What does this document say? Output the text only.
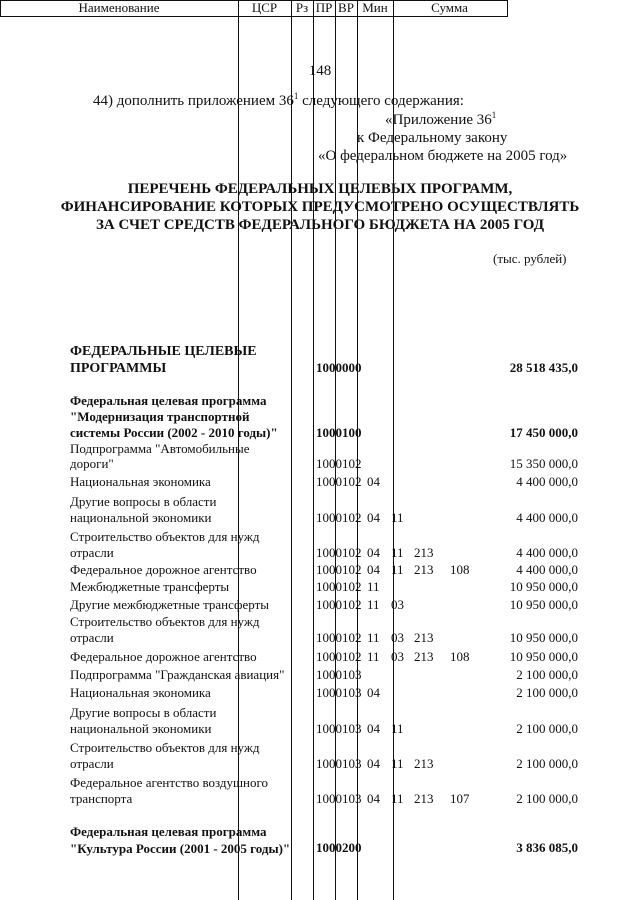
148
44) дополнить приложением $36^1$ следующего содержания:
«Приложение $36^1$
к Федеральному закону
«О федеральном бюджете на 2005 год»
ПЕРЕЧЕНЬ ФЕДЕРАЛЬНЫХ ЦЕЛЕВЫХ ПРОГРАММ,
ФИНАНСИРОВАНИЕ КОТОРЫХ ПРЕДУСМОТРЕНО ОСУЩЕСТВЛЯТЬ
ЗА СЧЕТ СРЕДСТВ ФЕДЕРАЛЬНОГО БЮДЖЕТА НА 2005 ГОД
(тыс. рублей)
Наименование	ЦСР	Рз ПР ВР Мин	Сумма
ФЕДЕРАЛЬНЫЕ ЦЕЛЕВЫЕ
ПРОГРАММЫ	1000000	28 518 435,0
Федеральная целевая программа
"Модернизация транспортной
системы России (2002 - 2010 годы)"	1000100	17 450 000,0
Подпрограмма "Автомобильные
дороги"	1000102	15 350 000,0
Национальная экономика	1000102 04	4 400 000,0
Другие вопросы в области
национальной экономики	1000102 04 11	4 400 000,0
Строительство объектов для нужд
отрасли	1000102 04 11 213	4 400 000,0
Федеральное дорожное агентство	1000102 04 11 213 108	4 400 000,0
Межбюджетные трансферты	1000102 11	10 950 000,0
Другие межбюджетные трансферты	1000102 11 03	10 950 000,0
Строительство объектов для нужд
отрасли	1000102 11 03 213	10 950 000,0
Федеральное дорожное агентство	1000102 11 03 213 108	10 950 000,0
Подпрограмма "Гражданская авиация" 1000103	2 100 000,0
Национальная экономика	1000103 04	2 100 000,0
Другие вопросы в области
национальной экономики	1000103 04 11	2 100 000,0
Строительство объектов для нужд
отрасли	1000103 04 11 213	2 100 000,0
Федеральное агентство воздушного
транспорта	1000103 04 11 213 107	2 100 000,0
Федеральная целевая программа
"Культура России (2001 - 2005 годы)" 1000200	3 836 085,0
